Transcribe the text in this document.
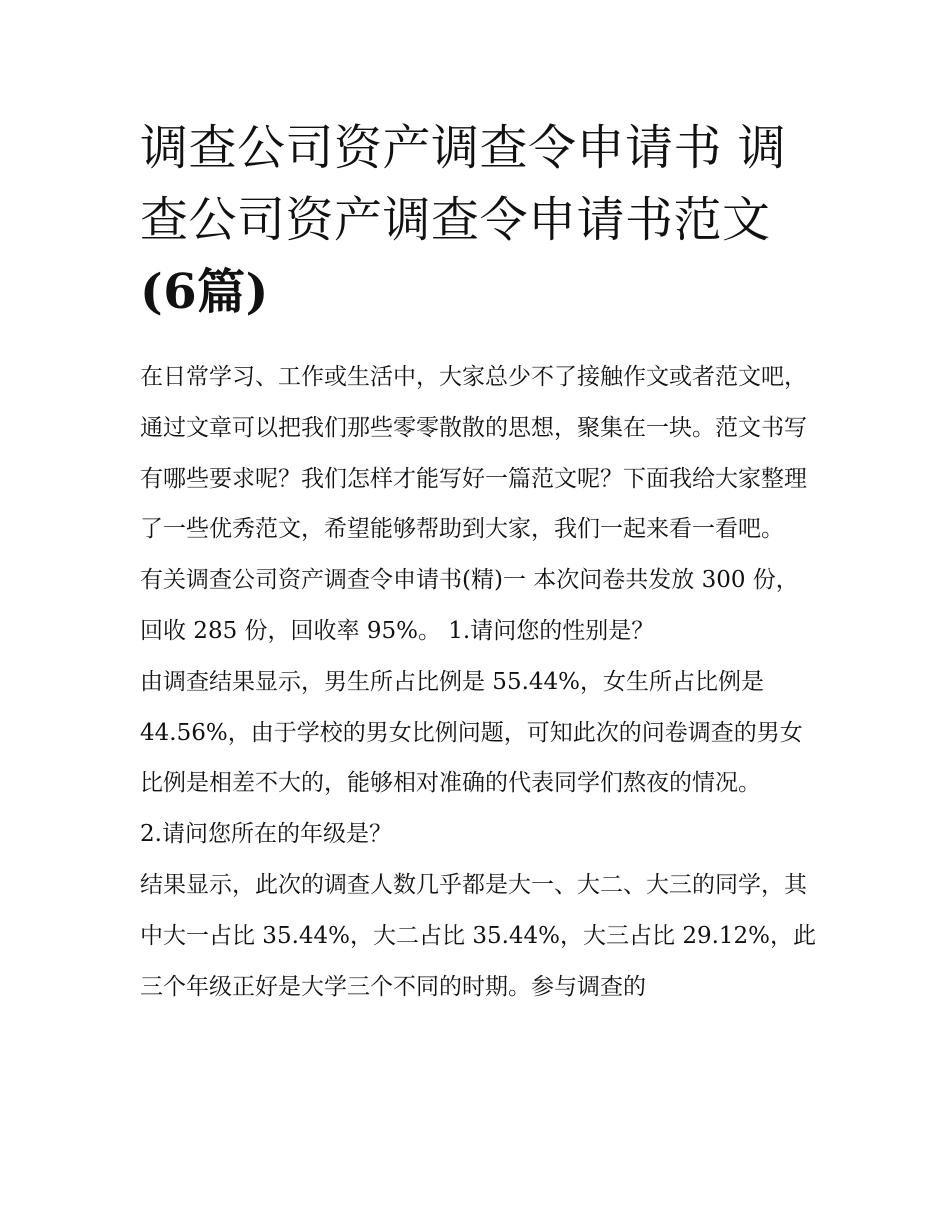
调查公司资产调查令申请书 调查公司资产调查令申请书范文
(6篇)

在日常学习、工作或生活中，大家总少不了接触作文或者范文吧，通过文章可以把我们那些零零散散的思想，聚集在一块。范文书写有哪些要求呢？我们怎样才能写好一篇范文呢？下面我给大家整理了一些优秀范文，希望能够帮助到大家，我们一起来看一看吧。

有关调查公司资产调查令申请书(精)一 本次问卷共发放 300 份，回收 285 份，回收率 95%。 1.请问您的性别是？

由调查结果显示，男生所占比例是 55.44%，女生所占比例是 44.56%，由于学校的男女比例问题，可知此次的问卷调查的男女比例是相差不大的，能够相对准确的代表同学们熬夜的情况。

2.请问您所在的年级是？

结果显示，此次的调查人数几乎都是大一、大二、大三的同学，其中大一占比 35.44%，大二占比 35.44%，大三占比 29.12%，此三个年级正好是大学三个不同的时期。参与调查的
